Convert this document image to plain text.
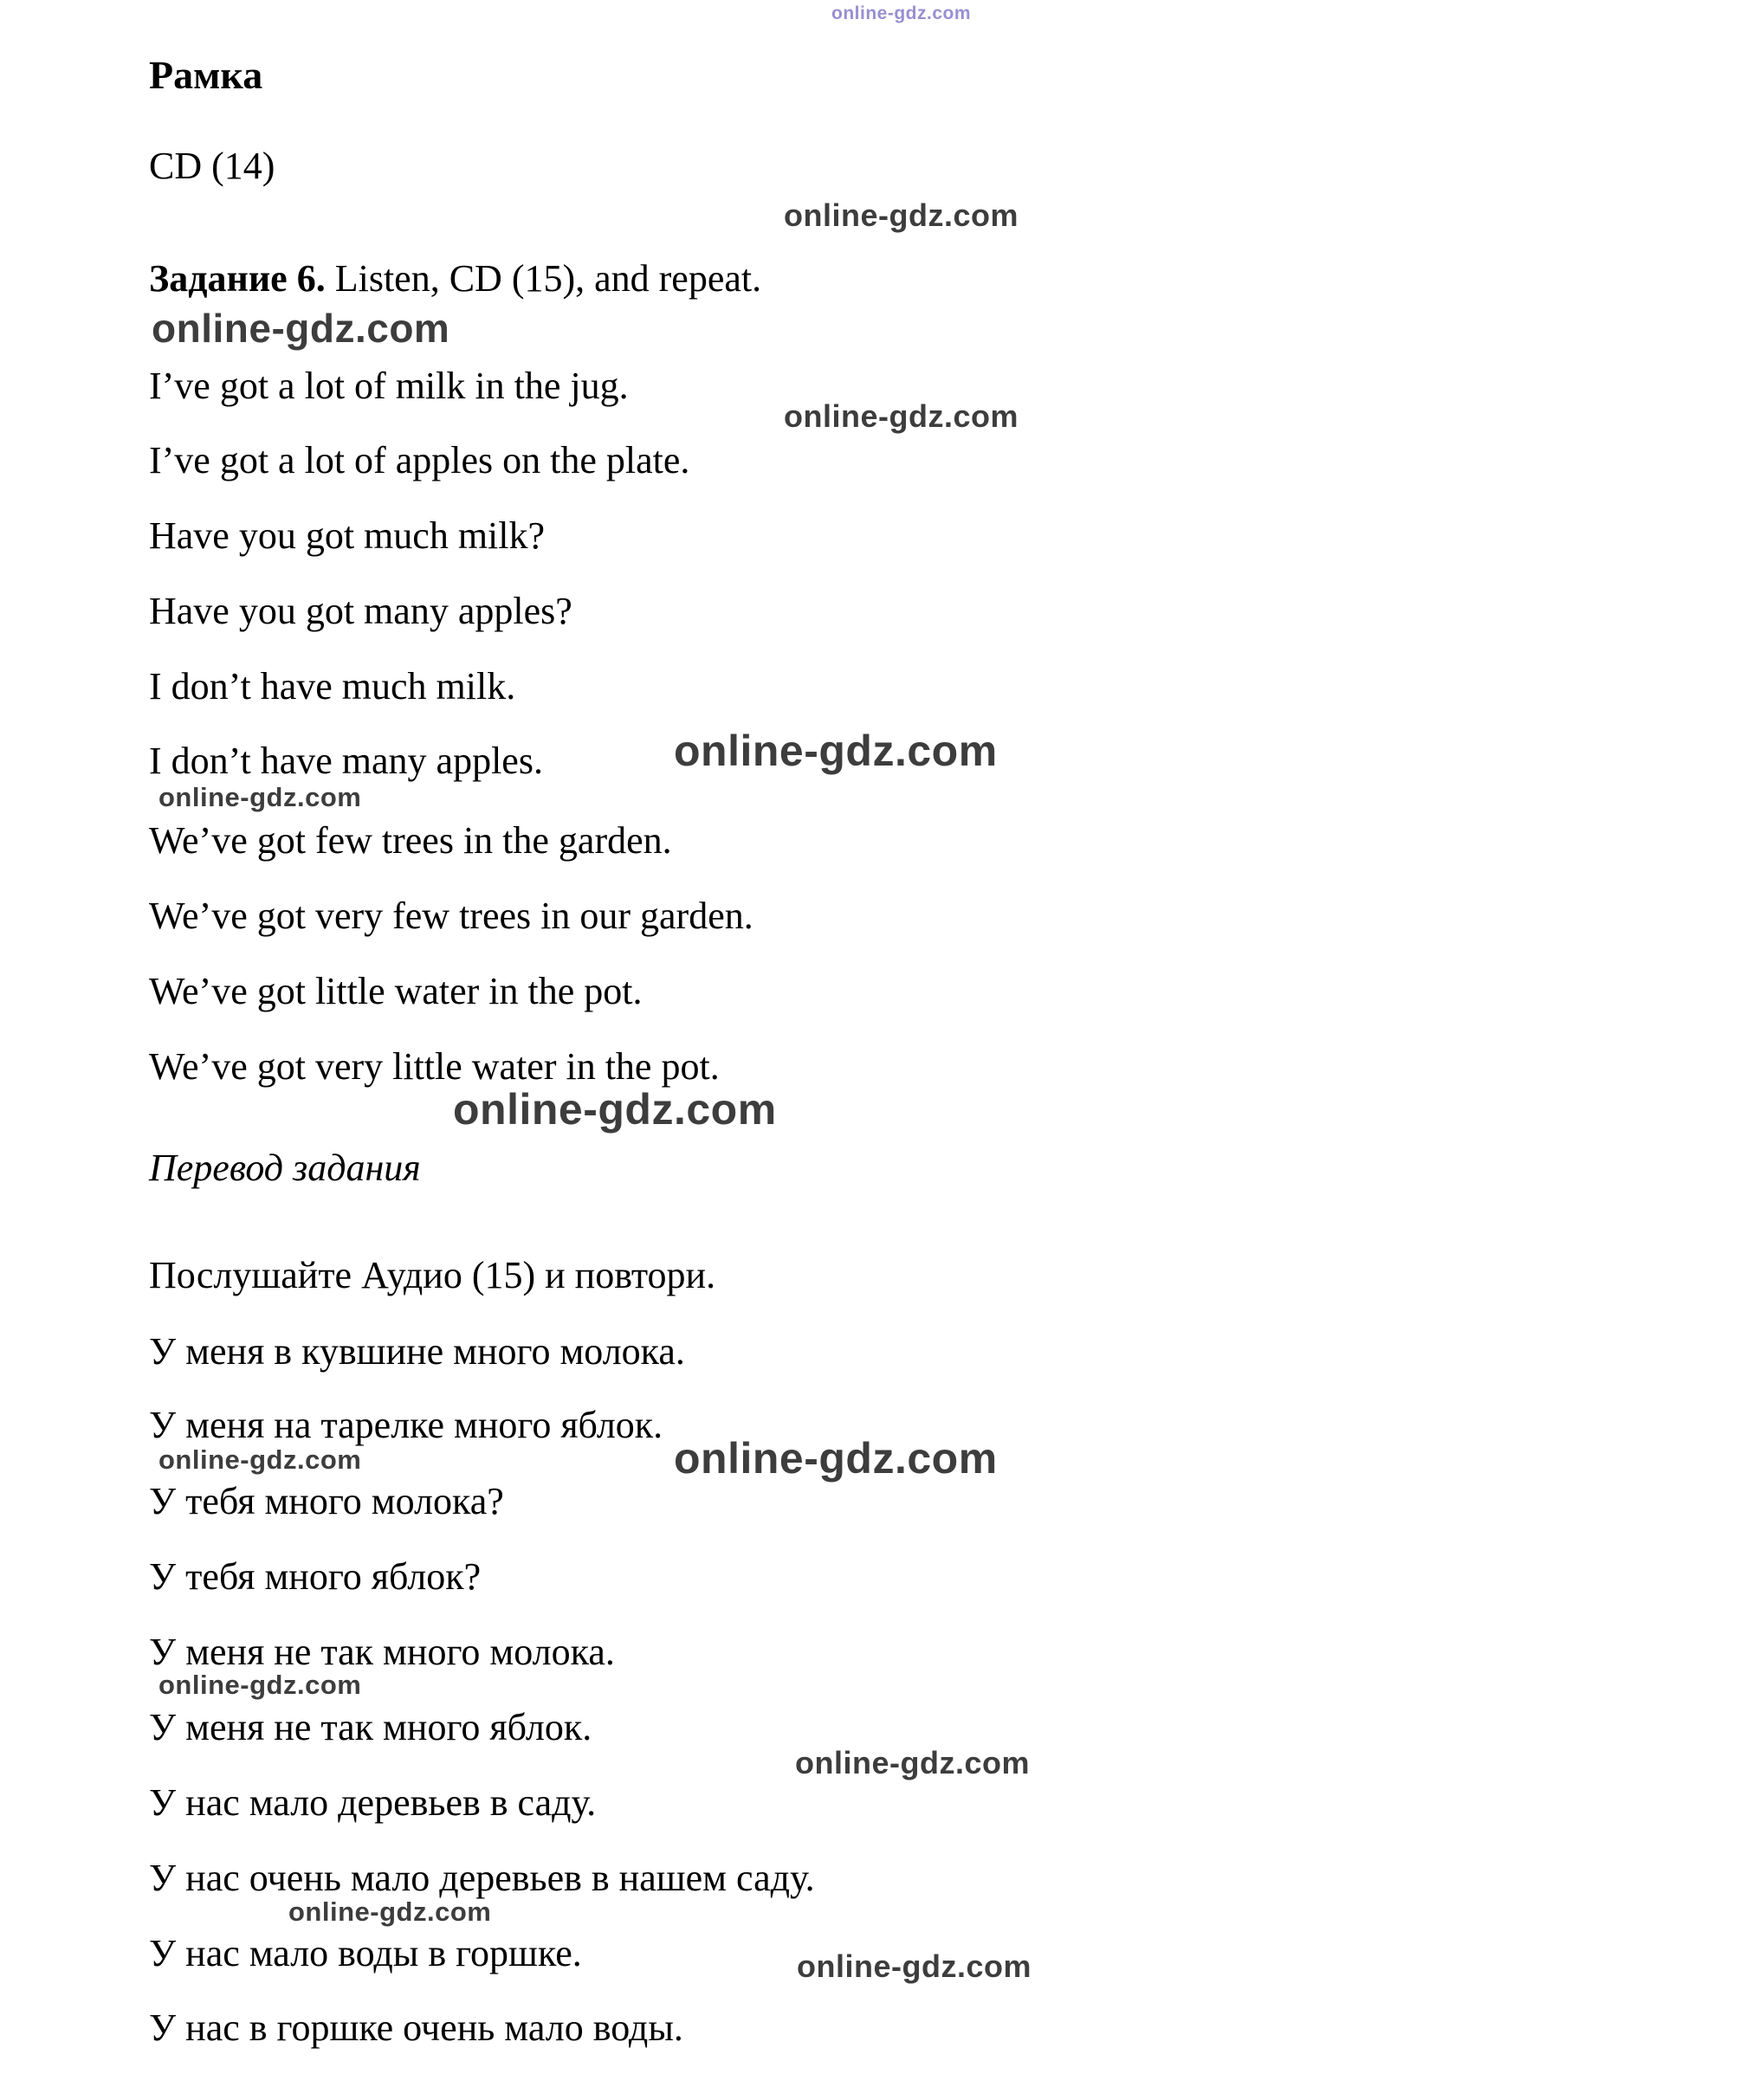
online-gdz.com
online-gdz.com
online-gdz.com
online-gdz.com
online-gdz.com
online-gdz.com
online-gdz.com
online-gdz.com	online-gdz.com
online-gdz.com
online-gdz.com
online-gdz.com
online-gdz.com
Рамка
CD (14)
Задание 6. Listen, CD (15), and repeat.
I’ve got a lot of milk in the jug.
I’ve got a lot of apples on the plate.
Have you got much milk?
Have you got many apples?
I don’t have much milk.
I don’t have many apples.
We’ve got few trees in the garden.
We’ve got very few trees in our garden.
We’ve got little water in the pot.
We’ve got very little water in the pot.
Перевод задания
Послушайте Аудио (15) и повтори.
У меня в кувшине много молока.
У меня на тарелке много яблок.
У тебя много молока?
У тебя много яблок?
У меня не так много молока.
У меня не так много яблок.
У нас мало деревьев в саду.
У нас очень мало деревьев в нашем саду.
У нас мало воды в горшке.
У нас в горшке очень мало воды.
